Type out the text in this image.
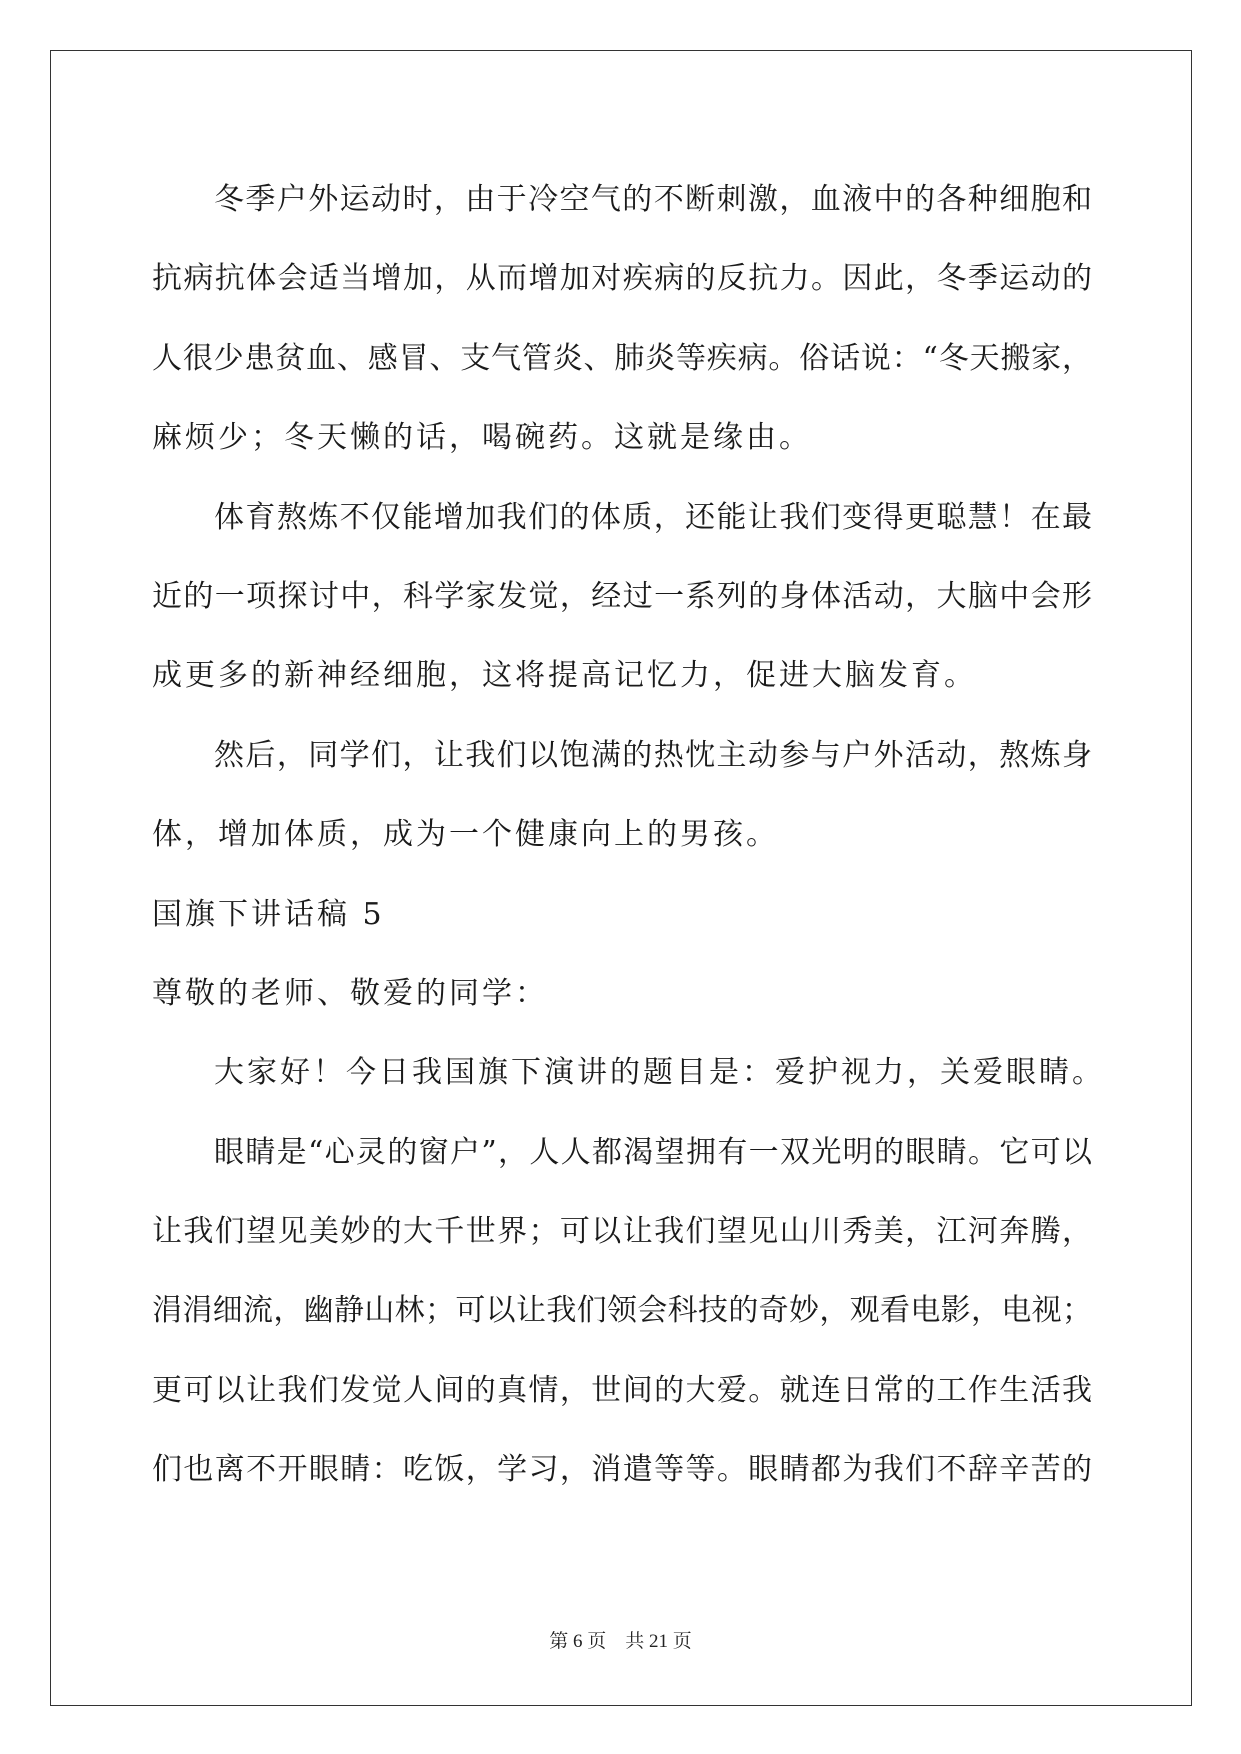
冬季户外运动时，由于冷空气的不断刺激，血液中的各种细胞和
抗病抗体会适当增加，从而增加对疾病的反抗力。因此，冬季运动的
人很少患贫血、感冒、支气管炎、肺炎等疾病。俗话说：“冬天搬家，
麻烦少；冬天懒的话，喝碗药。这就是缘由。
体育熬炼不仅能增加我们的体质，还能让我们变得更聪慧！在最
近的一项探讨中，科学家发觉，经过一系列的身体活动，大脑中会形
成更多的新神经细胞，这将提高记忆力，促进大脑发育。
然后，同学们，让我们以饱满的热忱主动参与户外活动，熬炼身
体，增加体质，成为一个健康向上的男孩。
国旗下讲话稿 5
尊敬的老师、敬爱的同学：
大家好！今日我国旗下演讲的题目是：爱护视力，关爱眼睛。
眼睛是“心灵的窗户”，人人都渴望拥有一双光明的眼睛。它可以
让我们望见美妙的大千世界；可以让我们望见山川秀美，江河奔腾，
涓涓细流，幽静山林；可以让我们领会科技的奇妙，观看电影，电视；
更可以让我们发觉人间的真情，世间的大爱。就连日常的工作生活我
们也离不开眼睛：吃饭，学习，消遣等等。眼睛都为我们不辞辛苦的
第 6 页 共 21 页
